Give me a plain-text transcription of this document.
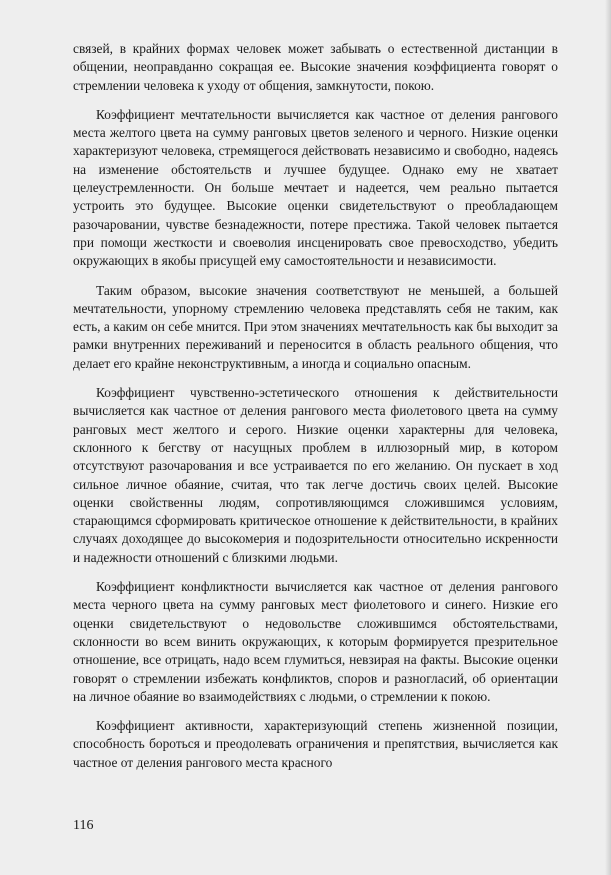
связей, в крайних формах человек может забывать о естественной дистанции в общении, неоправданно сокращая ее. Высокие значения коэффициента говорят о стремлении человека к уходу от общения, замкнутости, покою.

Коэффициент мечтательности вычисляется как частное от деления рангового места желтого цвета на сумму ранговых цветов зеленого и черного. Низкие оценки характеризуют человека, стремящегося действовать независимо и свободно, надеясь на изменение обстоятельств и лучшее будущее. Однако ему не хватает целеустремленности. Он больше мечтает и надеется, чем реально пытается устроить это будущее. Высокие оценки свидетельствуют о преобладающем разочаровании, чувстве безнадежности, потере престижа. Такой человек пытается при помощи жесткости и своеволия инсценировать свое превосходство, убедить окружающих в якобы присущей ему самостоятельности и независимости.

Таким образом, высокие значения соответствуют не меньшей, а большей мечтательности, упорному стремлению человека представлять себя не таким, как есть, а каким он себе мнится. При этом значениях мечтательность как бы выходит за рамки внутренних переживаний и переносится в область реального общения, что делает его крайне неконструктивным, а иногда и социально опасным.

Коэффициент чувственно-эстетического отношения к действительности вычисляется как частное от деления рангового места фиолетового цвета на сумму ранговых мест желтого и серого. Низкие оценки характерны для человека, склонного к бегству от насущных проблем в иллюзорный мир, в котором отсутствуют разочарования и все устраивается по его желанию. Он пускает в ход сильное личное обаяние, считая, что так легче достичь своих целей. Высокие оценки свойственны людям, сопротивляющимся сложившимся условиям, старающимся сформировать критическое отношение к действительности, в крайних случаях доходящее до высокомерия и подозрительности относительно искренности и надежности отношений с близкими людьми.

Коэффициент конфликтности вычисляется как частное от деления рангового места черного цвета на сумму ранговых мест фиолетового и синего. Низкие его оценки свидетельствуют о недовольстве сложившимся обстоятельствами, склонности во всем винить окружающих, к которым формируется презрительное отношение, все отрицать, надо всем глумиться, невзирая на факты. Высокие оценки говорят о стремлении избежать конфликтов, споров и разногласий, об ориентации на личное обаяние во взаимодействиях с людьми, о стремлении к покою.

Коэффициент активности, характеризующий степень жизненной позиции, способность бороться и преодолевать ограничения и препятствия, вычисляется как частное от деления рангового места красного

116
